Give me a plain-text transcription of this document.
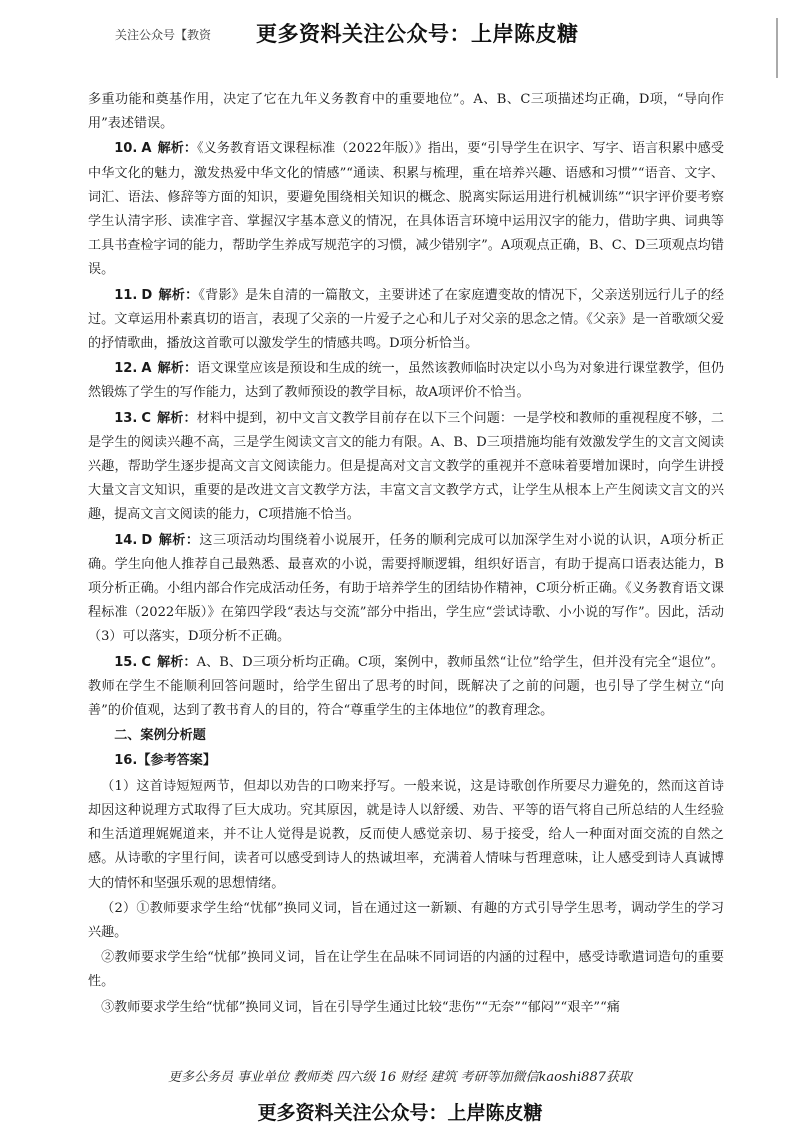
关注公众号【教资 更多资料关注公众号：上岸陈皮糖

多重功能和奠基作用，决定了它在九年义务教育中的重要地位”。A、B、C三项描述均正确，D项，“导向作用”表述错误。

10. A 解析：《义务教育语文课程标准（2022年版）》指出，要“引导学生在识字、写字、语言积累中感受中华文化的魅力，激发热爱中华文化的情感”“通读、积累与梳理，重在培养兴趣、语感和习惯”“语音、文字、词汇、语法、修辞等方面的知识，要避免围绕相关知识的概念、脱离实际运用进行机械训练”“识字评价要考察学生认清字形、读准字音、掌握汉字基本意义的情况，在具体语言环境中运用汉字的能力，借助字典、词典等工具书查检字词的能力，帮助学生养成写规范字的习惯，减少错别字”。A项观点正确，B、C、D三项观点均错误。

11. D 解析：《背影》是朱自清的一篇散文，主要讲述了在家庭遭变故的情况下，父亲送别远行儿子的经过。文章运用朴素真切的语言，表现了父亲的一片爱子之心和儿子对父亲的思念之情。《父亲》是一首歌颂父爱的抒情歌曲，播放这首歌可以激发学生的情感共鸣。D项分析恰当。

12. A 解析：语文课堂应该是预设和生成的统一，虽然该教师临时决定以小鸟为对象进行课堂教学，但仍然锻炼了学生的写作能力，达到了教师预设的教学目标，故A项评价不恰当。

13. C 解析：材料中提到，初中文言文教学目前存在以下三个问题：一是学校和教师的重视程度不够，二是学生的阅读兴趣不高，三是学生阅读文言文的能力有限。A、B、D三项措施均能有效激发学生的文言文阅读兴趣，帮助学生逐步提高文言文阅读能力。但是提高对文言文教学的重视并不意味着要增加课时，向学生讲授大量文言文知识，重要的是改进文言文教学方法，丰富文言文教学方式，让学生从根本上产生阅读文言文的兴趣，提高文言文阅读的能力，C项措施不恰当。

14. D 解析：这三项活动均围绕着小说展开，任务的顺利完成可以加深学生对小说的认识，A项分析正确。学生向他人推荐自己最熟悉、最喜欢的小说，需要捋顺逻辑，组织好语言，有助于提高口语表达能力，B项分析正确。小组内部合作完成活动任务，有助于培养学生的团结协作精神，C项分析正确。《义务教育语文课程标准（2022年版）》在第四学段“表达与交流”部分中指出，学生应“尝试诗歌、小小说的写作”。因此，活动（3）可以落实，D项分析不正确。

15. C 解析：A、B、D三项分析均正确。C项，案例中，教师虽然“让位”给学生，但并没有完全“退位”。教师在学生不能顺利回答问题时，给学生留出了思考的时间，既解决了之前的问题，也引导了学生树立“向善”的价值观，达到了教书育人的目的，符合“尊重学生的主体地位”的教育理念。

二、案例分析题

16.【参考答案】

（1）这首诗短短两节，但却以劝告的口吻来抒写。一般来说，这是诗歌创作所要尽力避免的，然而这首诗却因这种说理方式取得了巨大成功。究其原因，就是诗人以舒缓、劝告、平等的语气将自己所总结的人生经验和生活道理娓娓道来，并不让人觉得是说教，反而使人感觉亲切、易于接受，给人一种面对面交流的自然之感。从诗歌的字里行间，读者可以感受到诗人的热诚坦率，充满着人情味与哲理意味，让人感受到诗人真诚博大的情怀和坚强乐观的思想情绪。

（2）①教师要求学生给“忧郁”换同义词，旨在通过这一新颖、有趣的方式引导学生思考，调动学生的学习兴趣。

②教师要求学生给“忧郁”换同义词，旨在让学生在品味不同词语的内涵的过程中，感受诗歌遣词造句的重要性。

③教师要求学生给“忧郁”换同义词，旨在引导学生通过比较“悲伤”“无奈”“郁闷”“艰辛”“痛

更多公务员 事业单位 教师类 四六级 16 财经 建筑 考研等加微信kaoshi887获取
更多资料关注公众号：上岸陈皮糖
